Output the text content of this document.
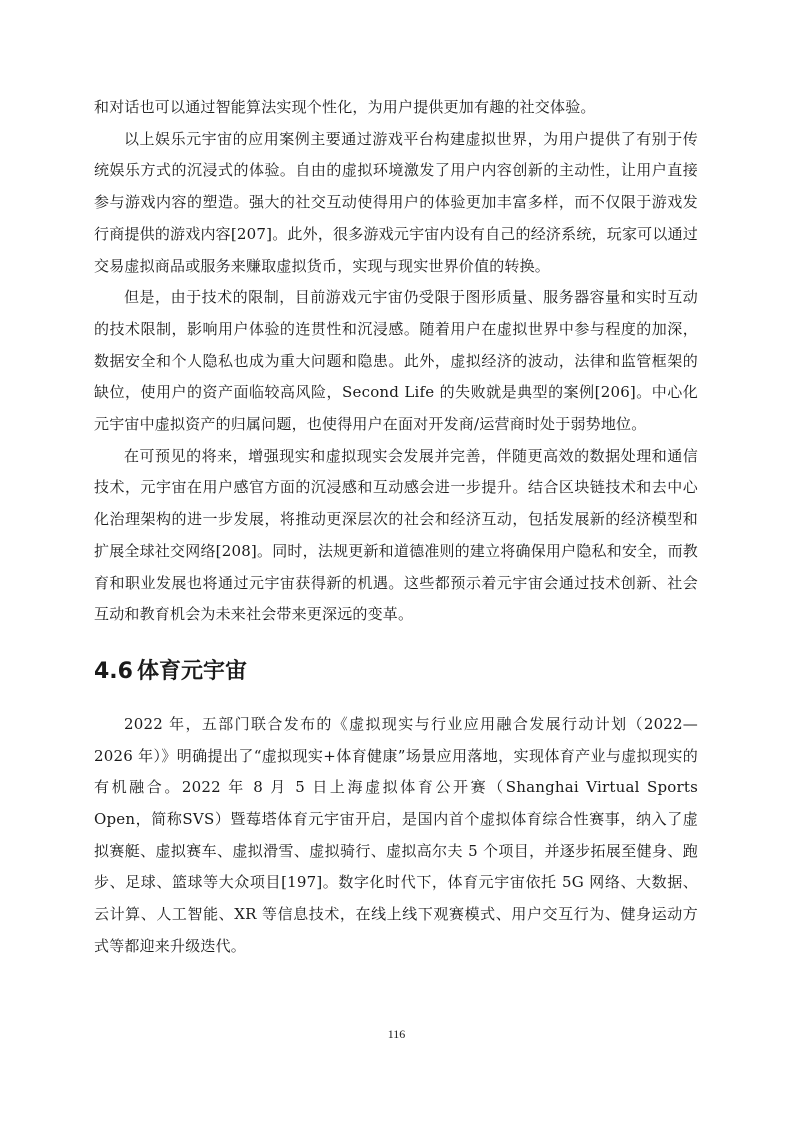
和对话也可以通过智能算法实现个性化，为用户提供更加有趣的社交体验。

以上娱乐元宇宙的应用案例主要通过游戏平台构建虚拟世界，为用户提供了有别于传统娱乐方式的沉浸式的体验。自由的虚拟环境激发了用户内容创新的主动性，让用户直接参与游戏内容的塑造。强大的社交互动使得用户的体验更加丰富多样，而不仅限于游戏发行商提供的游戏内容[207]。此外，很多游戏元宇宙内设有自己的经济系统，玩家可以通过交易虚拟商品或服务来赚取虚拟货币，实现与现实世界价值的转换。

但是，由于技术的限制，目前游戏元宇宙仍受限于图形质量、服务器容量和实时互动的技术限制，影响用户体验的连贯性和沉浸感。随着用户在虚拟世界中参与程度的加深，数据安全和个人隐私也成为重大问题和隐患。此外，虚拟经济的波动，法律和监管框架的缺位，使用户的资产面临较高风险，Second Life 的失败就是典型的案例[206]。中心化元宇宙中虚拟资产的归属问题，也使得用户在面对开发商/运营商时处于弱势地位。

在可预见的将来，增强现实和虚拟现实会发展并完善，伴随更高效的数据处理和通信技术，元宇宙在用户感官方面的沉浸感和互动感会进一步提升。结合区块链技术和去中心化治理架构的进一步发展，将推动更深层次的社会和经济互动，包括发展新的经济模型和扩展全球社交网络[208]。同时，法规更新和道德准则的建立将确保用户隐私和安全，而教育和职业发展也将通过元宇宙获得新的机遇。这些都预示着元宇宙会通过技术创新、社会互动和教育机会为未来社会带来更深远的变革。

4.6 体育元宇宙

2022 年，五部门联合发布的《虚拟现实与行业应用融合发展行动计划（2022—2026 年）》明确提出了“虚拟现实+体育健康”场景应用落地，实现体育产业与虚拟现实的有机融合。2022 年 8 月 5 日上海虚拟体育公开赛（Shanghai Virtual Sports Open，简称SVS）暨莓塔体育元宇宙开启，是国内首个虚拟体育综合性赛事，纳入了虚拟赛艇、虚拟赛车、虚拟滑雪、虚拟骑行、虚拟高尔夫 5 个项目，并逐步拓展至健身、跑步、足球、篮球等大众项目[197]。数字化时代下，体育元宇宙依托 5G 网络、大数据、云计算、人工智能、XR 等信息技术，在线上线下观赛模式、用户交互行为、健身运动方式等都迎来升级迭代。

116
